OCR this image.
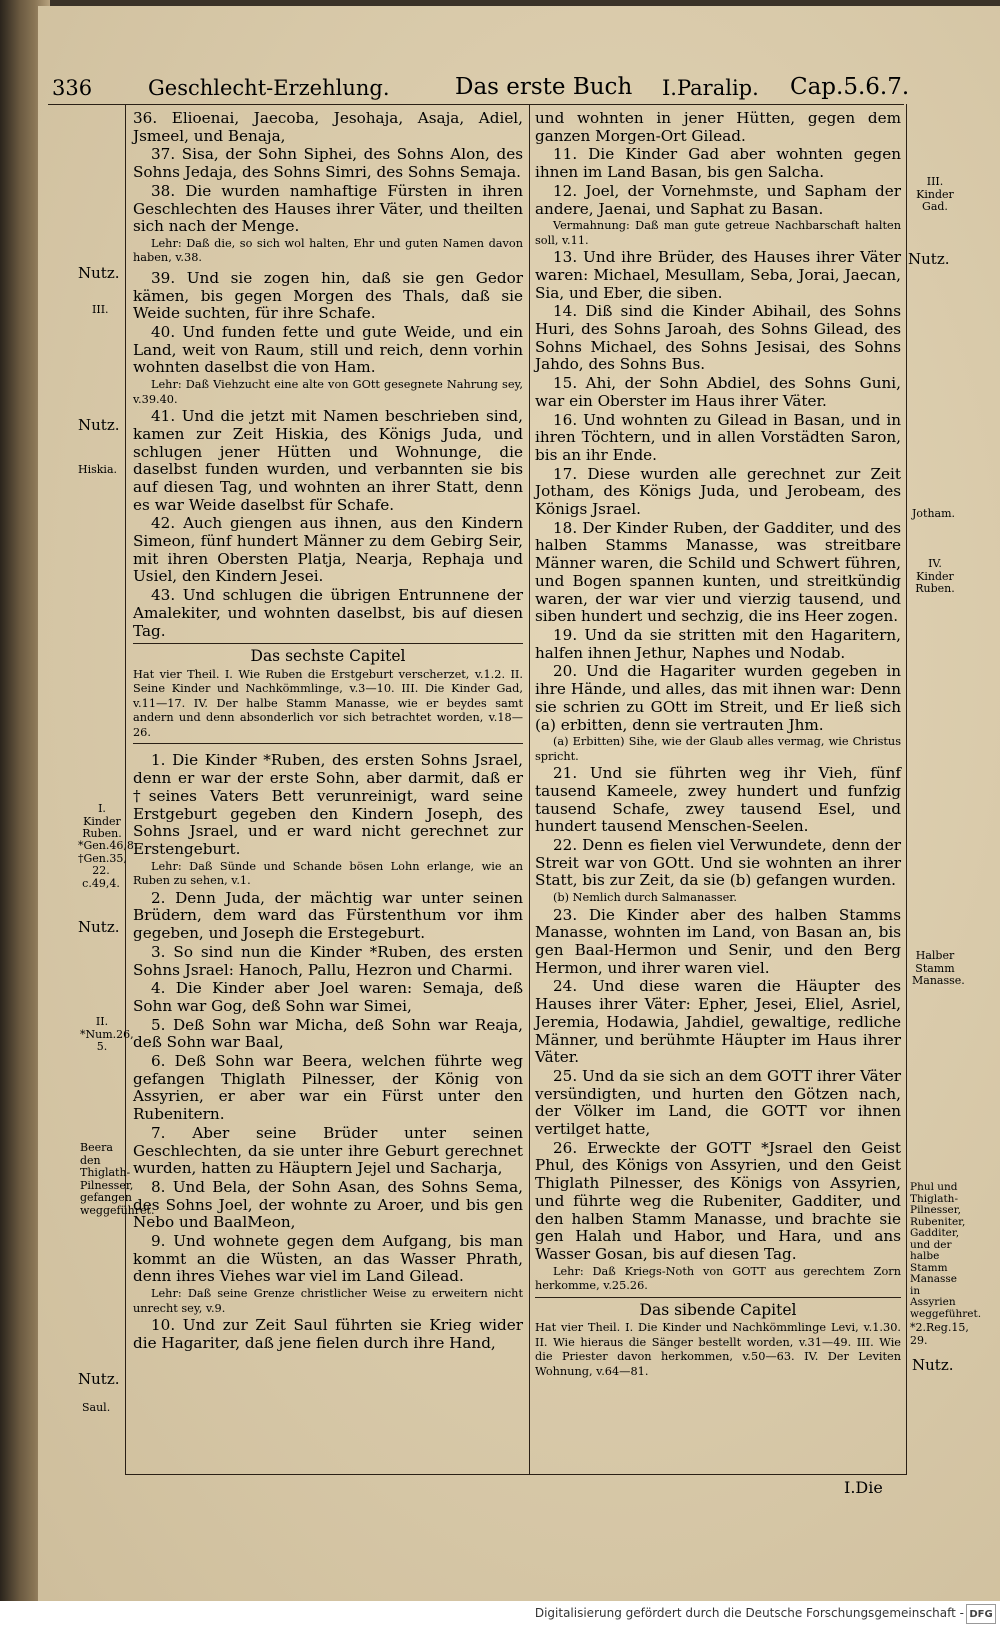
336	Geschlecht-Erzehlung.	Das erste Buch I.Paralip. Cap.5.6.7.

36. Elioenai, Jaecoba, Jesohaja, Asaja, Adiel, Jsmeel, und Benaja,

37. Sisa, der Sohn Siphei, des Sohns Alon, des Sohns Jedaja, des Sohns Simri, des Sohns Semaja.

38. Die wurden namhaftige Fürsten in ihren Geschlechten des Hauses ihrer Väter, und theilten sich nach der Menge.

Lehr: Daß die, so sich wol halten, Ehr und guten Namen davon haben, v.38.

39. Und sie zogen hin, daß sie gen Gedor kämen, bis gegen Morgen des Thals, daß sie Weide suchten, für ihre Schafe.

40. Und funden fette und gute Weide, und ein Land, weit von Raum, still und reich, denn vorhin wohnten daselbst die von Ham.

Lehr: Daß Viehzucht eine alte von GOtt gesegnete Nahrung sey, v.39.40.

41. Und die jetzt mit Namen beschrieben sind, kamen zur Zeit Hiskia, des Königs Juda, und schlugen jener Hütten und Wohnunge, die daselbst funden wurden, und verbannten sie bis auf diesen Tag, und wohnten an ihrer Statt, denn es war Weide daselbst für Schafe.

42. Auch giengen aus ihnen, aus den Kindern Simeon, fünf hundert Männer zu dem Gebirg Seir, mit ihren Obersten Platja, Nearja, Rephaja und Usiel, den Kindern Jesei.

43. Und schlugen die übrigen Entrunnene der Amalekiter, und wohnten daselbst, bis auf diesen Tag.

Das sechste Capitel

Hat vier Theil. I. Wie Ruben die Erstgeburt verscherzet, v.1.2. II. Seine Kinder und Nachkömmlinge, v.3—10. III. Die Kinder Gad, v.11—17. IV. Der halbe Stamm Manasse, wie er beydes samt andern und denn absonderlich vor sich betrachtet worden, v.18—26.

1. Die Kinder *Ruben, des ersten Sohns Jsrael, denn er war der erste Sohn, aber darmit, daß er †seines Vaters Bett verunreinigt, ward seine Erstgeburt gegeben den Kindern Joseph, des Sohns Jsrael, und er ward nicht gerechnet zur Erstengeburt.

Lehr: Daß Sünde und Schande bösen Lohn erlange, wie an Ruben zu sehen, v.1.

2. Denn Juda, der mächtig war unter seinen Brüdern, dem ward das Fürstenthum vor ihm gegeben, und Joseph die Erstegeburt.

3. So sind nun die Kinder *Ruben, des ersten Sohns Jsrael: Hanoch, Pallu, Hezron und Charmi.

4. Die Kinder aber Joel waren: Semaja, deß Sohn war Gog, deß Sohn war Simei,

5. Deß Sohn war Micha, deß Sohn war Reaja, deß Sohn war Baal,

6. Deß Sohn war Beera, welchen führte weg gefangen Thiglath Pilnesser, der König von Assyrien, er aber war ein Fürst unter den Rubenitern.

7. Aber seine Brüder unter seinen Geschlechten, da sie unter ihre Geburt gerechnet wurden, hatten zu Häuptern Jejel und Sacharja,

8. Und Bela, der Sohn Asan, des Sohns Sema, des Sohns Joel, der wohnte zu Aroer, und bis gen Nebo und BaalMeon,

9. Und wohnete gegen dem Aufgang, bis man kommt an die Wüsten, an das Wasser Phrath, denn ihres Viehes war viel im Land Gilead.

Lehr: Daß seine Grenze christlicher Weise zu erweitern nicht unrecht sey, v.9.

10. Und zur Zeit Saul führten sie Krieg wider die Hagariter, daß jene fielen durch ihre Hand,

und wohnten in jener Hütten, gegen dem ganzen Morgen-Ort Gilead.

11. Die Kinder Gad aber wohnten gegen ihnen im Land Basan, bis gen Salcha.

12. Joel, der Vornehmste, und Sapham der andere, Jaenai, und Saphat zu Basan.

Vermahnung: Daß man gute getreue Nachbarschaft halten soll, v.11.

13. Und ihre Brüder, des Hauses ihrer Väter waren: Michael, Mesullam, Seba, Jorai, Jaecan, Sia, und Eber, die siben.

14. Diß sind die Kinder Abihail, des Sohns Huri, des Sohns Jaroah, des Sohns Gilead, des Sohns Michael, des Sohns Jesisai, des Sohns Jahdo, des Sohns Bus.

15. Ahi, der Sohn Abdiel, des Sohns Guni, war ein Oberster im Haus ihrer Väter.

16. Und wohnten zu Gilead in Basan, und in ihren Töchtern, und in allen Vorstädten Saron, bis an ihr Ende.

17. Diese wurden alle gerechnet zur Zeit Jotham, des Königs Juda, und Jerobeam, des Königs Jsrael.

18. Der Kinder Ruben, der Gadditer, und des halben Stamms Manasse, was streitbare Männer waren, die Schild und Schwert führen, und Bogen spannen kunten, und streitkündig waren, der war vier und vierzig tausend, und siben hundert und sechzig, die ins Heer zogen.

19. Und da sie stritten mit den Hagaritern, halfen ihnen Jethur, Naphes und Nodab.

20. Und die Hagariter wurden gegeben in ihre Hände, und alles, das mit ihnen war: Denn sie schrien zu GOtt im Streit, und Er ließ sich (a) erbitten, denn sie vertrauten Jhm.

(a) Erbitten) Sihe, wie der Glaub alles vermag, wie Christus spricht.

21. Und sie führten weg ihr Vieh, fünf tausend Kameele, zwey hundert und funfzig tausend Schafe, zwey tausend Esel, und hundert tausend Menschen-Seelen.

22. Denn es fielen viel Verwundete, denn der Streit war von GOtt. Und sie wohnten an ihrer Statt, bis zur Zeit, da sie (b) gefangen wurden.

(b) Nemlich durch Salmanasser.

23. Die Kinder aber des halben Stamms Manasse, wohnten im Land, von Basan an, bis gen Baal-Hermon und Senir, und den Berg Hermon, und ihrer waren viel.

24. Und diese waren die Häupter des Hauses ihrer Väter: Epher, Jesei, Eliel, Asriel, Jeremia, Hodawia, Jahdiel, gewaltige, redliche Männer, und berühmte Häupter im Haus ihrer Väter.

25. Und da sie sich an dem GOTT ihrer Väter versündigten, und hurten den Götzen nach, der Völker im Land, die GOTT vor ihnen vertilget hatte,

26. Erweckte der GOTT *Jsrael den Geist Phul, des Königs von Assyrien, und den Geist Thiglath Pilnesser, des Königs von Assyrien, und führte weg die Rubeniter, Gadditer, und den halben Stamm Manasse, und brachte sie gen Halah und Habor, und Hara, und ans Wasser Gosan, bis auf diesen Tag.

Lehr: Daß Kriegs-Noth von GOTT aus gerechtem Zorn herkomme, v.25.26.

Das sibende Capitel

Hat vier Theil. I. Die Kinder und Nachkömmlinge Levi, v.1.30. II. Wie hieraus die Sänger bestellt worden, v.31—49. III. Wie die Priester davon herkommen, v.50—63. IV. Der Leviten Wohnung, v.64—81.

I.Die
Nutz.
III.
Nutz.
Hiskia.
I. Kinder Ruben.
*Gen.46,8. †Gen.35, 22. c.49,4.
Nutz.
II. *Num.26, 5.
Beera den Thiglath-Pilnesser, gefangen weggeführet.
Nutz.
Saul.
III. Kinder Gad.
Nutz.
Jotham.
IV. Kinder Ruben.
Halber Stamm Manasse.
Phul und Thiglath-Pilnesser, Rubeniter, Gadditer, und der halbe Stamm Manasse in Assyrien weggeführet.
*2.Reg.15, 29.
Nutz.
Digitalisierung gefördert durch die Deutsche Forschungsgemeinschaft - DFG
